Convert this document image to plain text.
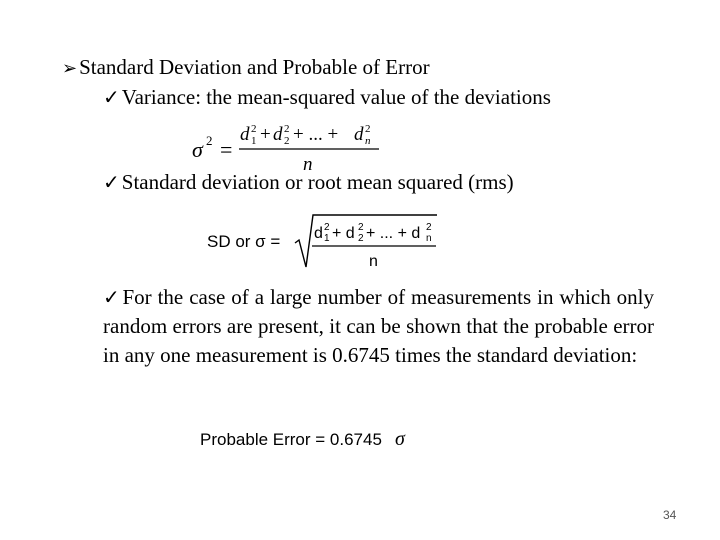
➢Standard Deviation and Probable of Error
✓Variance: the mean-squared value of the deviations
σ 2 =
d 2
1 + d 2
2 + ... + d 2
n
n
✓Standard deviation or root mean squared (rms)
SD or σ = d 2
1 + d 2
2 + ... + d 2
n
n
✓For the case of a large number of measurements in which only random errors are present, it can be shown that the probable error in any one measurement is 0.6745 times the standard deviation:
Probable Error = 0.6745 σ
34
